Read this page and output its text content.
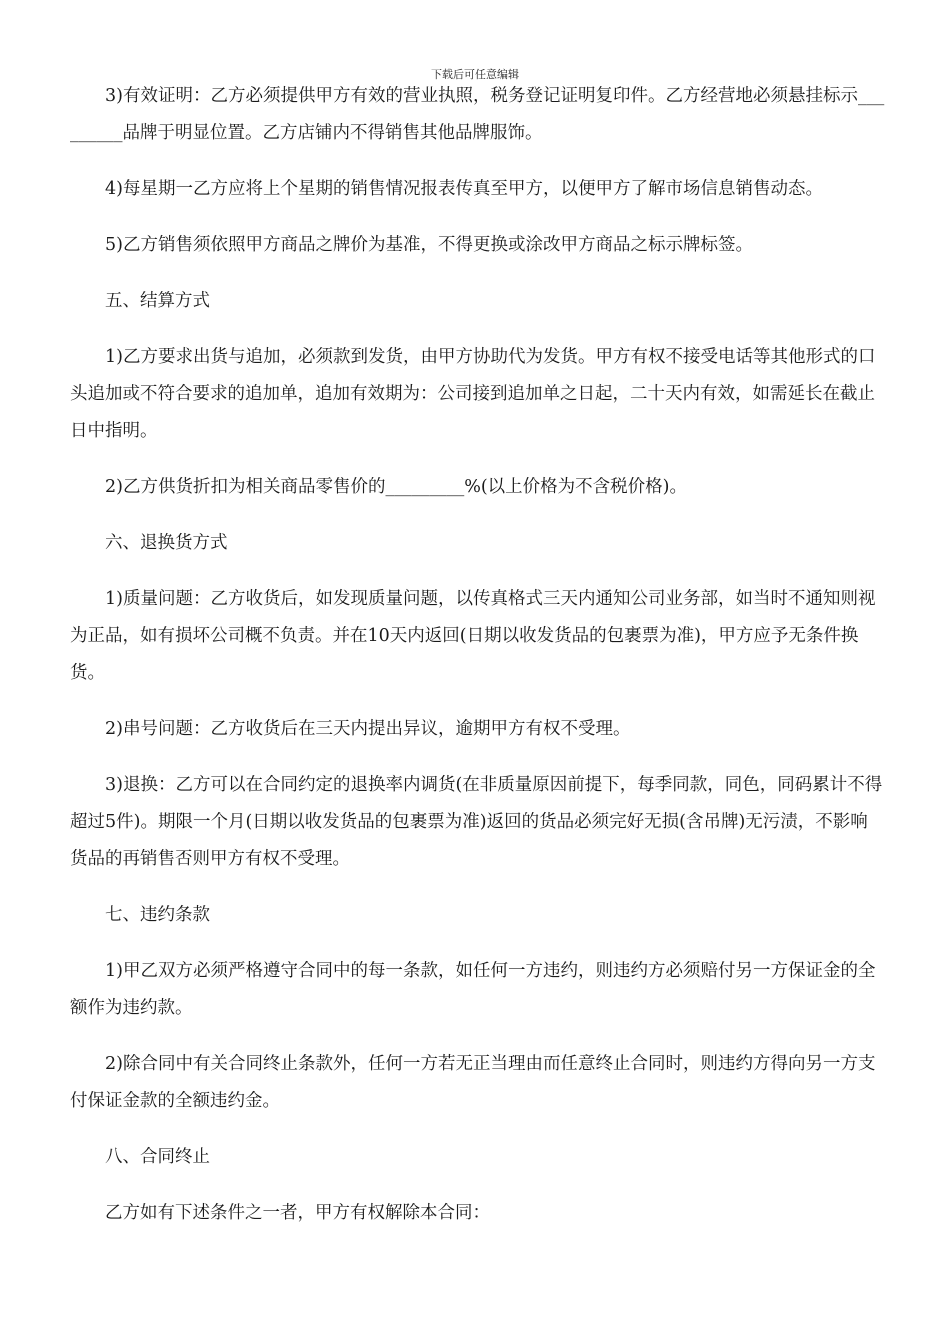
下载后可任意编辑

3)有效证明：乙方必须提供甲方有效的营业执照，税务登记证明复印件。乙方经营地必须悬挂标示_________品牌于明显位置。乙方店铺内不得销售其他品牌服饰。

4)每星期一乙方应将上个星期的销售情况报表传真至甲方，以便甲方了解市场信息销售动态。

5)乙方销售须依照甲方商品之牌价为基准，不得更换或涂改甲方商品之标示牌标签。

五、结算方式

1)乙方要求出货与追加，必须款到发货，由甲方协助代为发货。甲方有权不接受电话等其他形式的口头追加或不符合要求的追加单，追加有效期为：公司接到追加单之日起，二十天内有效，如需延长在截止日中指明。

2)乙方供货折扣为相关商品零售价的_________%(以上价格为不含税价格)。

六、退换货方式

1)质量问题：乙方收货后，如发现质量问题，以传真格式三天内通知公司业务部，如当时不通知则视为正品，如有损坏公司概不负责。并在10天内返回(日期以收发货品的包裹票为准)，甲方应予无条件换货。

2)串号问题：乙方收货后在三天内提出异议，逾期甲方有权不受理。

3)退换：乙方可以在合同约定的退换率内调货(在非质量原因前提下，每季同款，同色，同码累计不得超过5件)。期限一个月(日期以收发货品的包裹票为准)返回的货品必须完好无损(含吊牌)无污渍，不影响货品的再销售否则甲方有权不受理。

七、违约条款

1)甲乙双方必须严格遵守合同中的每一条款，如任何一方违约，则违约方必须赔付另一方保证金的全额作为违约款。

2)除合同中有关合同终止条款外，任何一方若无正当理由而任意终止合同时，则违约方得向另一方支付保证金款的全额违约金。

八、合同终止

乙方如有下述条件之一者，甲方有权解除本合同：
